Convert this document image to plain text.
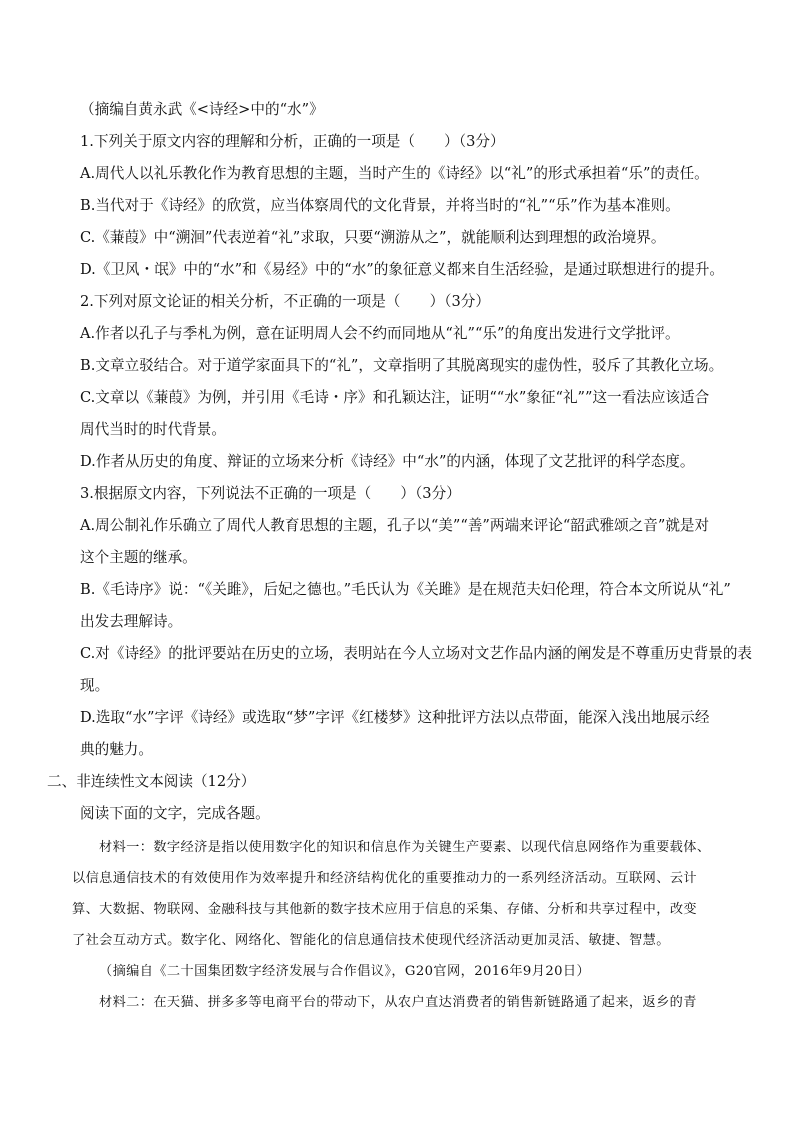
（摘编自黄永武《<诗经>中的“水”》
1.下列关于原文内容的理解和分析，正确的一项是（　　）（3分）
A.周代人以礼乐教化作为教育思想的主题，当时产生的《诗经》以“礼”的形式承担着“乐”的责任。
B.当代对于《诗经》的欣赏，应当体察周代的文化背景，并将当时的“礼”“乐”作为基本准则。
C.《蒹葭》中“溯洄”代表逆着“礼”求取，只要“溯游从之”，就能顺利达到理想的政治境界。
D.《卫风・氓》中的“水”和《易经》中的“水”的象征意义都来自生活经验，是通过联想进行的提升。
2.下列对原文论证的相关分析，不正确的一项是（　　）（3分）
A.作者以孔子与季札为例，意在证明周人会不约而同地从“礼”“乐”的角度出发进行文学批评。
B.文章立驳结合。对于道学家面具下的“礼”，文章指明了其脱离现实的虚伪性，驳斥了其教化立场。
C.文章以《蒹葭》为例，并引用《毛诗・序》和孔颖达注，证明““水”象征“礼””这一看法应该适合
周代当时的时代背景。
D.作者从历史的角度、辩证的立场来分析《诗经》中“水”的内涵，体现了文艺批评的科学态度。
3.根据原文内容，下列说法不正确的一项是（　　）（3分）
A.周公制礼作乐确立了周代人教育思想的主题，孔子以“美”“善”两端来评论“韶武雅颂之音”就是对
这个主题的继承。
B.《毛诗序》说：“《关雎》，后妃之德也。”毛氏认为《关雎》是在规范夫妇伦理，符合本文所说从“礼”
出发去理解诗。
C.对《诗经》的批评要站在历史的立场，表明站在今人立场对文艺作品内涵的阐发是不尊重历史背景的表
现。
D.选取“水”字评《诗经》或选取“梦”字评《红楼梦》这种批评方法以点带面，能深入浅出地展示经
典的魅力。
二、非连续性文本阅读（12分）
阅读下面的文字，完成各题。
材料一：数字经济是指以使用数字化的知识和信息作为关键生产要素、以现代信息网络作为重要载体、
以信息通信技术的有效使用作为效率提升和经济结构优化的重要推动力的一系列经济活动。互联网、云计
算、大数据、物联网、金融科技与其他新的数字技术应用于信息的采集、存储、分析和共享过程中，改变
了社会互动方式。数字化、网络化、智能化的信息通信技术使现代经济活动更加灵活、敏捷、智慧。
（摘编自《二十国集团数字经济发展与合作倡议》，G20官网，2016年9月20日）
材料二：在天猫、拼多多等电商平台的带动下，从农户直达消费者的销售新链路通了起来，返乡的青
